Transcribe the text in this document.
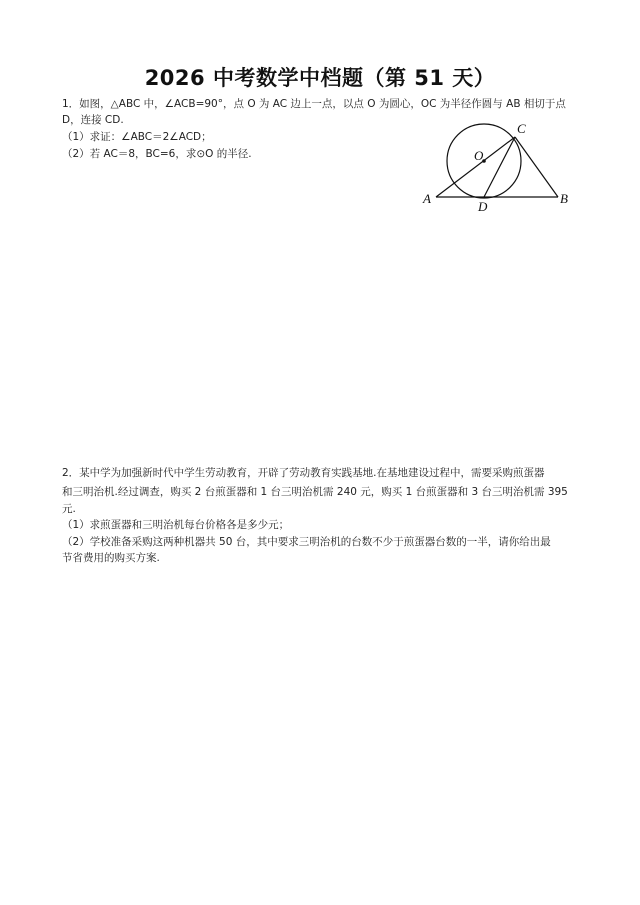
2026 中考数学中档题（第 51 天）
1．如图，△ABC 中，∠ACB=90°，点 O 为 AC 边上一点，以点 O 为圆心，OC 为半径作圆与 AB 相切于点
D，连接 CD.
（1）求证：∠ABC＝2∠ACD；
（2）若 AC＝8，BC=6，求⊙O 的半径.
A	B
C
D
O
2．某中学为加强新时代中学生劳动教育，开辟了劳动教育实践基地.在基地建设过程中，需要采购煎蛋器
和三明治机.经过调查，购买 2 台煎蛋器和 1 台三明治机需 240 元，购买 1 台煎蛋器和 3 台三明治机需 395
元.
（1）求煎蛋器和三明治机每台价格各是多少元；
（2）学校准备采购这两种机器共 50 台，其中要求三明治机的台数不少于煎蛋器台数的一半，请你给出最
节省费用的购买方案.
